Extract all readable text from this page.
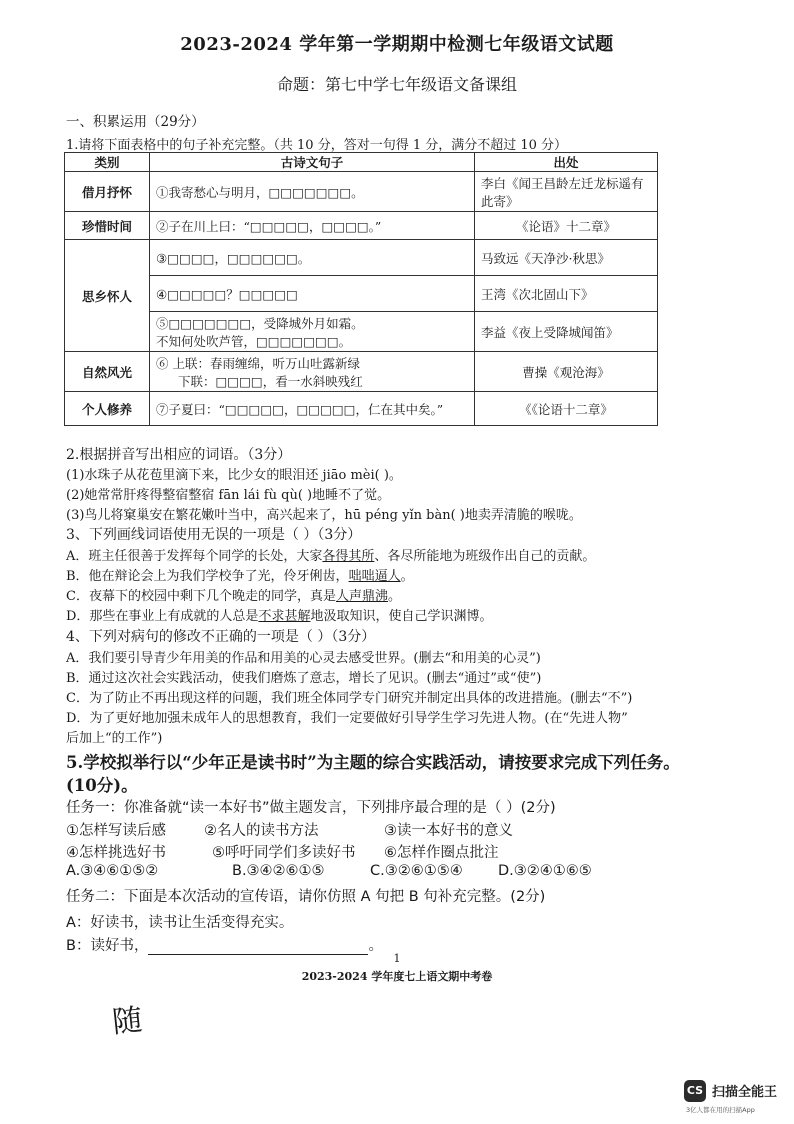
2023-2024 学年第一学期期中检测七年级语文试题
命题：第七中学七年级语文备课组
一、积累运用（29分）
1.请将下面表格中的句子补充完整。（共 10 分，答对一句得 1 分，满分不超过 10 分）
类别	古诗文句子	出处
借月抒怀	①我寄愁心与明月，□□□□□□□。	李白《闻王昌龄左迁龙标遥有此寄》
珍惜时间	②子在川上曰：“□□□□□，□□□□。”	《论语》十二章》
思乡怀人	③□□□□，□□□□□□。	马致远《天净沙·秋思》
	④□□□□□？□□□□□	王湾《次北固山下》

	⑤□□□□□□□，受降城外月如霜。
不知何处吹芦管，□□□□□□□。	李益《夜上受降城闻笛》
自然风光	⑥ 上联：春雨缠绵，听万山吐露新绿
下联：□□□□，看一水斜映残红	曹操《观沧海》
个人修养	⑦子夏曰：“□□□□□，□□□□□，仁在其中矣。”	《《论语十二章》
2.根据拼音写出相应的词语。（3分）
(1)水珠子从花苞里滴下来，比少女的眼泪还 jiāo mèi( )。
(2)她常常肝疼得整宿整宿 fān lái fù qù( )地睡不了觉。
(3)鸟儿将窠巢安在繁花嫩叶当中，高兴起来了，hū péng yǐn bàn( )地卖弄清脆的喉咙。
3、下列画线词语使用无误的一项是（ ）（3分）
A．班主任很善于发挥每个同学的长处，大家各得其所、各尽所能地为班级作出自己的贡献。
B．他在辩论会上为我们学校争了光，伶牙俐齿，咄咄逼人。
C．夜幕下的校园中剩下几个晚走的同学，真是人声鼎沸。
D．那些在事业上有成就的人总是不求甚解地汲取知识，使自己学识渊博。
4、下列对病句的修改不正确的一项是（ ）（3分）
A．我们要引导青少年用美的作品和用美的心灵去感受世界。(删去“和用美的心灵”)
B．通过这次社会实践活动，使我们磨炼了意志，增长了见识。(删去“通过”或“使”)
C．为了防止不再出现这样的问题，我们班全体同学专门研究并制定出具体的改进措施。(删去“不”)
D．为了更好地加强未成年人的思想教育，我们一定要做好引导学生学习先进人物。(在“先进人物”
后加上“的工作”)
5.学校拟举行以“少年正是读书时”为主题的综合实践活动，请按要求完成下列任务。
(10分)。
任务一：你准备就“读一本好书”做主题发言，下列排序最合理的是（ ）(2分)
①怎样写读后感	②名人的读书方法	③读一本好书的意义
④怎样挑选好书	⑤呼吁同学们多读好书 ⑥怎样作圈点批注
A.③④⑥①⑤②	B.③④②⑥①⑤	C.③②⑥①⑤④ D.③②④①⑥⑤
任务二：下面是本次活动的宣传语，请你仿照 A 句把 B 句补充完整。(2分)
A：好读书，读书让生活变得充实。
B：读好书，	。
1
2023-2024 学年度七上语文期中考卷
随
CS 扫描全能王
3亿人都在用的扫描App
